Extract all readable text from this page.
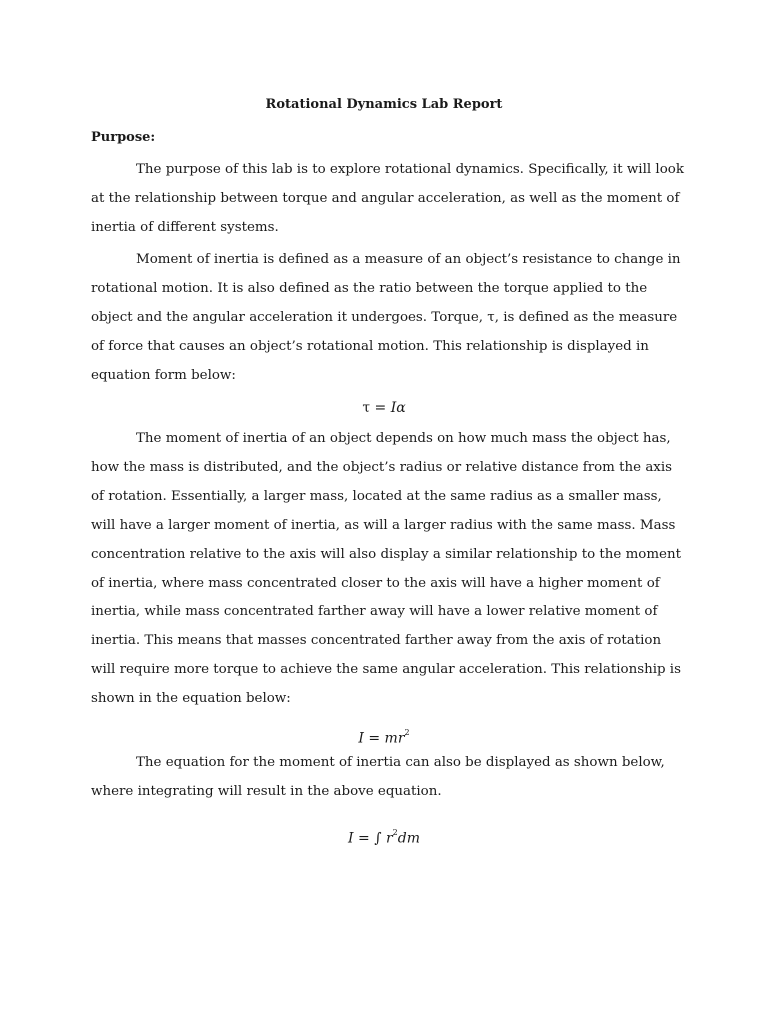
Rotational Dynamics Lab Report
Purpose:

The purpose of this lab is to explore rotational dynamics. Specifically, it will look at the relationship between torque and angular acceleration, as well as the moment of inertia of different systems.

Moment of inertia is defined as a measure of an object’s resistance to change in rotational motion. It is also defined as the ratio between the torque applied to the object and the angular acceleration it undergoes. Torque, τ, is defined as the measure of force that causes an object’s rotational motion. This relationship is displayed in equation form below:

τ = Iα

The moment of inertia of an object depends on how much mass the object has, how the mass is distributed, and the object’s radius or relative distance from the axis of rotation. Essentially, a larger mass, located at the same radius as a smaller mass, will have a larger moment of inertia, as will a larger radius with the same mass. Mass concentration relative to the axis will also display a similar relationship to the moment of inertia, where mass concentrated closer to the axis will have a higher moment of inertia, while mass concentrated farther away will have a lower relative moment of inertia. This means that masses concentrated farther away from the axis of rotation will require more torque to achieve the same angular acceleration. This relationship is shown in the equation below:

$I = mr^2$

The equation for the moment of inertia can also be displayed as shown below, where integrating will result in the above equation.

I = ∫ $r^2dm$
